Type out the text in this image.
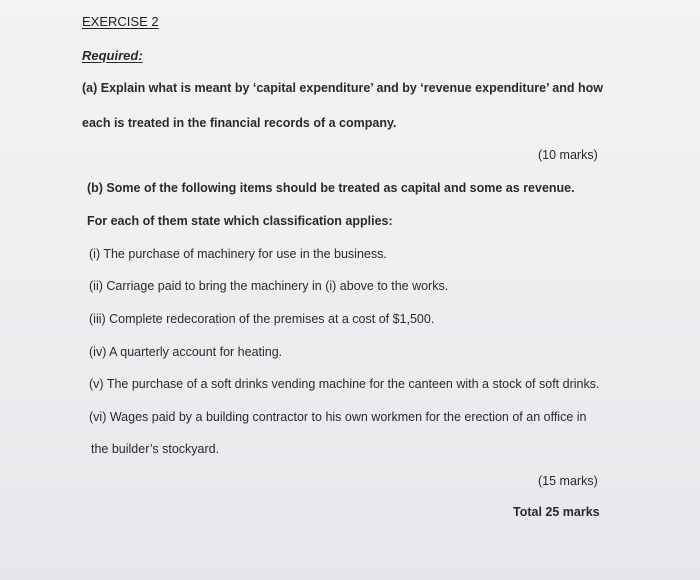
EXERCISE 2
Required:
(a) Explain what is meant by ‘capital expenditure’ and by ‘revenue expenditure’ and how
each is treated in the financial records of a company.
(10 marks)
(b) Some of the following items should be treated as capital and some as revenue.
For each of them state which classification applies:
(i) The purchase of machinery for use in the business.
(ii) Carriage paid to bring the machinery in (i) above to the works.
(iii) Complete redecoration of the premises at a cost of $1,500.
(iv) A quarterly account for heating.
(v) The purchase of a soft drinks vending machine for the canteen with a stock of soft drinks.
(vi) Wages paid by a building contractor to his own workmen for the erection of an office in
the builder’s stockyard.
(15 marks)
Total 25 marks
